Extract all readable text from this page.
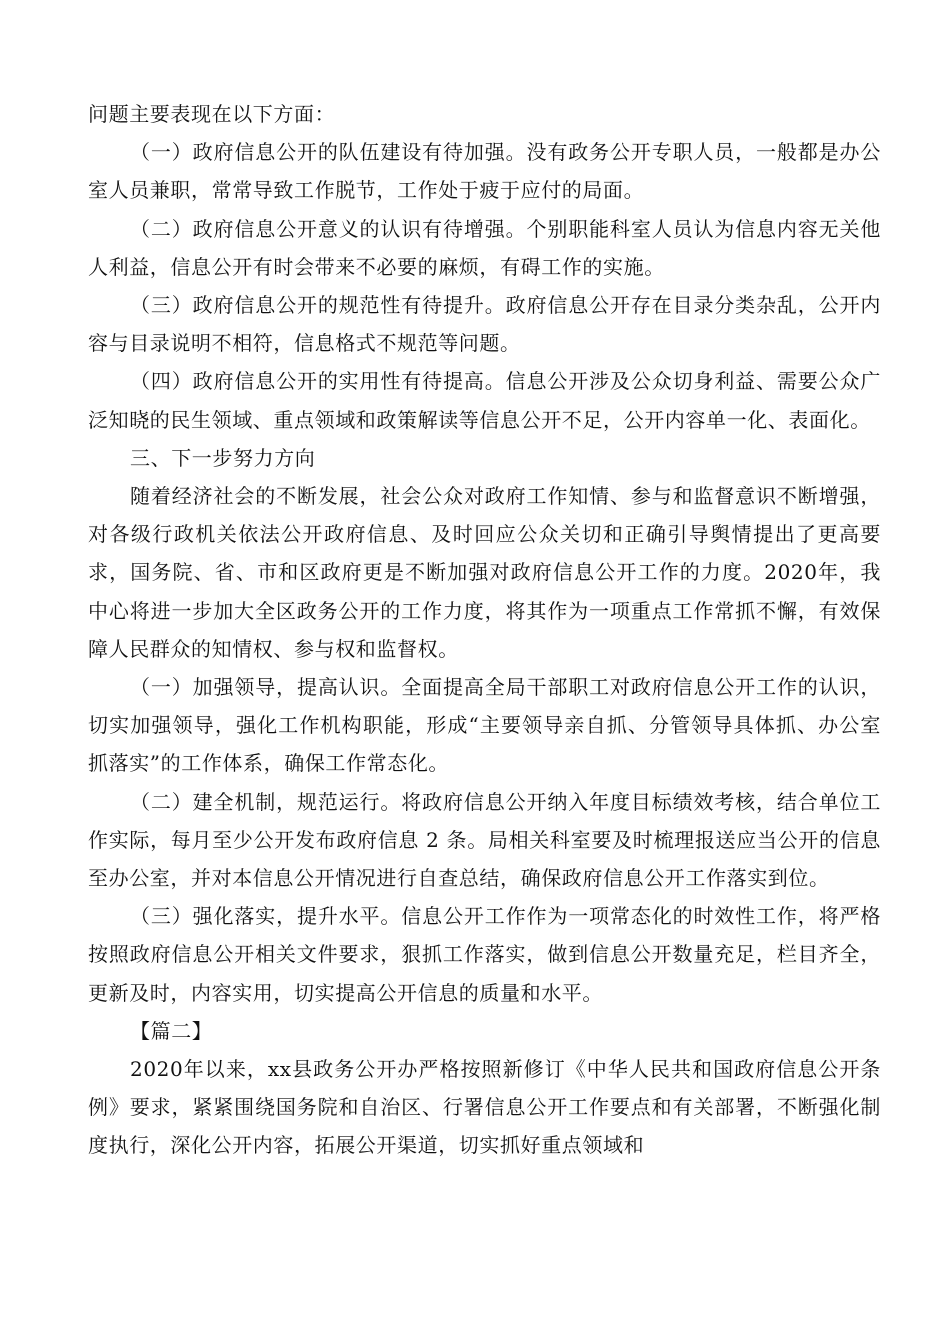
问题主要表现在以下方面：

（一）政府信息公开的队伍建设有待加强。没有政务公开专职人员，一般都是办公室人员兼职，常常导致工作脱节，工作处于疲于应付的局面。

（二）政府信息公开意义的认识有待增强。个别职能科室人员认为信息内容无关他人利益，信息公开有时会带来不必要的麻烦，有碍工作的实施。

（三）政府信息公开的规范性有待提升。政府信息公开存在目录分类杂乱，公开内容与目录说明不相符，信息格式不规范等问题。

（四）政府信息公开的实用性有待提高。信息公开涉及公众切身利益、需要公众广泛知晓的民生领域、重点领域和政策解读等信息公开不足，公开内容单一化、表面化。

三、下一步努力方向

随着经济社会的不断发展，社会公众对政府工作知情、参与和监督意识不断增强，对各级行政机关依法公开政府信息、及时回应公众关切和正确引导舆情提出了更高要求，国务院、省、市和区政府更是不断加强对政府信息公开工作的力度。2020年，我中心将进一步加大全区政务公开的工作力度，将其作为一项重点工作常抓不懈，有效保障人民群众的知情权、参与权和监督权。

（一）加强领导，提高认识。全面提高全局干部职工对政府信息公开工作的认识，切实加强领导，强化工作机构职能，形成“主要领导亲自抓、分管领导具体抓、办公室抓落实”的工作体系，确保工作常态化。

（二）建全机制，规范运行。将政府信息公开纳入年度目标绩效考核，结合单位工作实际，每月至少公开发布政府信息 2 条。局相关科室要及时梳理报送应当公开的信息至办公室，并对本信息公开情况进行自查总结，确保政府信息公开工作落实到位。

（三）强化落实，提升水平。信息公开工作作为一项常态化的时效性工作，将严格按照政府信息公开相关文件要求，狠抓工作落实，做到信息公开数量充足，栏目齐全，更新及时，内容实用，切实提高公开信息的质量和水平。

【篇二】

2020年以来，xx县政务公开办严格按照新修订《中华人民共和国政府信息公开条例》要求，紧紧围绕国务院和自治区、行署信息公开工作要点和有关部署，不断强化制度执行，深化公开内容，拓展公开渠道，切实抓好重点领域和
